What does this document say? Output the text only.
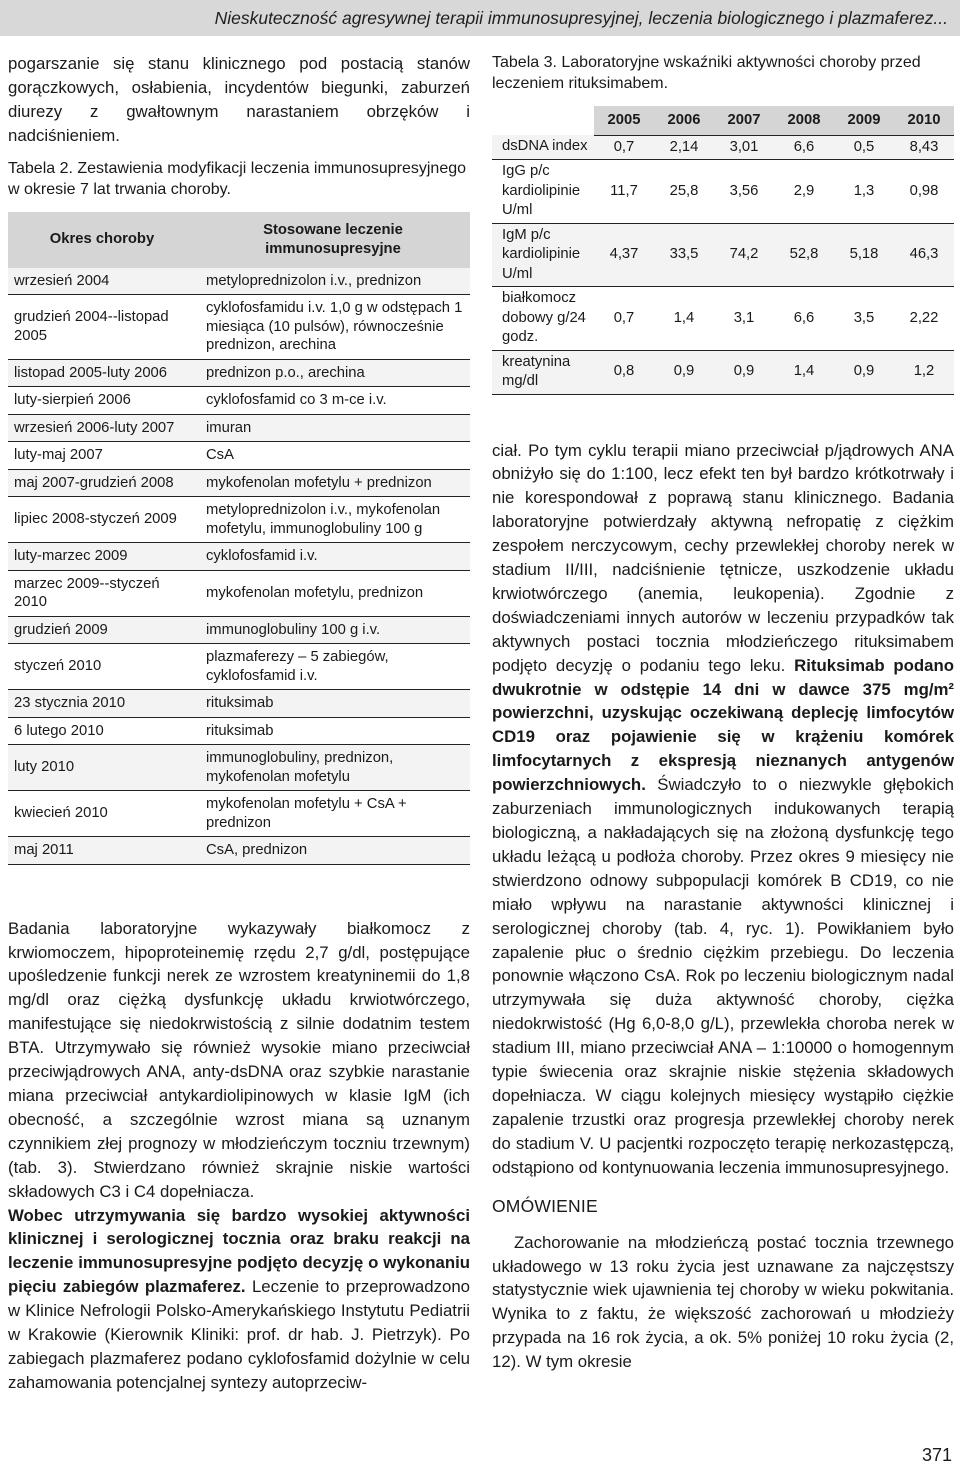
Nieskuteczność agresywnej terapii immunosupresyjnej, leczenia biologicznego i plazmaferez...

pogarszanie się stanu klinicznego pod postacią stanów gorączkowych, osłabienia, incydentów biegunki, zaburzeń diurezy z gwałtownym narastaniem obrzęków i nadciśnieniem.

Tabela 2. Zestawienia modyfikacji leczenia immunosupresyjnego w okresie 7 lat trwania choroby.

Okres choroby	Stosowane leczenie immunosupresyjne
wrzesień 2004	metyloprednizolon i.v., prednizon
grudzień 2004--listopad 2005	cyklofosfamidu i.v. 1,0 g w odstępach 1 miesiąca (10 pulsów), równocześnie prednizon, arechina
listopad 2005-luty 2006	prednizon p.o., arechina
luty-sierpień 2006	cyklofosfamid co 3 m-ce i.v.
wrzesień 2006-luty 2007	imuran
luty-maj 2007	CsA
maj 2007-grudzień 2008	mykofenolan mofetylu + prednizon
lipiec 2008-styczeń 2009	metyloprednizolon i.v., mykofenolan mofetylu, immunoglobuliny 100 g
luty-marzec 2009	cyklofosfamid i.v.
marzec 2009--styczeń 2010	mykofenolan mofetylu, prednizon
grudzień 2009	immunoglobuliny 100 g i.v.
styczeń 2010	plazmaferezy – 5 zabiegów, cyklofosfamid i.v.
23 stycznia 2010	rituksimab
6 lutego 2010	rituksimab
luty 2010	immunoglobuliny, prednizon, mykofenolan mofetylu
kwiecień 2010	mykofenolan mofetylu + CsA + prednizon
maj 2011	CsA, prednizon

Badania laboratoryjne wykazywały białkomocz z krwiomoczem, hipoproteinemię rzędu 2,7 g/dl, postępujące upośledzenie funkcji nerek ze wzrostem kreatyninemii do 1,8 mg/dl oraz ciężką dysfunkcję układu krwiotwórczego, manifestujące się niedokrwistością z silnie dodatnim testem BTA. Utrzymywało się również wysokie miano przeciwciał przeciwjądrowych ANA, anty-dsDNA oraz szybkie narastanie miana przeciwciał antykardiolipinowych w klasie IgM (ich obecność, a szczególnie wzrost miana są uznanym czynnikiem złej prognozy w młodzieńczym toczniu trzewnym) (tab. 3). Stwierdzano również skrajnie niskie wartości składowych C3 i C4 dopełniacza.

Wobec utrzymywania się bardzo wysokiej aktywności klinicznej i serologicznej tocznia oraz braku reakcji na leczenie immunosupresyjne podjęto decyzję o wykonaniu pięciu zabiegów plazmaferez. Leczenie to przeprowadzono w Klinice Nefrologii Polsko-Amerykańskiego Instytutu Pediatrii w Krakowie (Kierownik Kliniki: prof. dr hab. J. Pietrzyk). Po zabiegach plazmaferez podano cyklofosfamid dożylnie w celu zahamowania potencjalnej syntezy autoprzeciw-

Tabela 3. Laboratoryjne wskaźniki aktywności choroby przed leczeniem rituksimabem.

	2005	2006	2007	2008	2009	2010
dsDNA index	0,7	2,14	3,01	6,6	0,5	8,43
IgG p/c kardiolipinie U/ml	11,7	25,8	3,56	2,9	1,3	0,98
IgM p/c kardiolipinie U/ml	4,37	33,5	74,2	52,8	5,18	46,3
białkomocz dobowy g/24 godz.	0,7	1,4	3,1	6,6	3,5	2,22
kreatynina mg/dl	0,8	0,9	0,9	1,4	0,9	1,2

ciał. Po tym cyklu terapii miano przeciwciał p/jądrowych ANA obniżyło się do 1:100, lecz efekt ten był bardzo krótkotrwały i nie korespondował z poprawą stanu klinicznego. Badania laboratoryjne potwierdzały aktywną nefropatię z ciężkim zespołem nerczycowym, cechy przewlekłej choroby nerek w stadium II/III, nadciśnienie tętnicze, uszkodzenie układu krwiotwórczego (anemia, leukopenia). Zgodnie z doświadczeniami innych autorów w leczeniu przypadków tak aktywnych postaci tocznia młodzieńczego rituksimabem podjęto decyzję o podaniu tego leku. Rituksimab podano dwukrotnie w odstępie 14 dni w dawce 375 mg/m² powierzchni, uzyskując oczekiwaną deplecję limfocytów CD19 oraz pojawienie się w krążeniu komórek limfocytarnych z ekspresją nieznanych antygenów powierzchniowych. Świadczyło to o niezwykle głębokich zaburzeniach immunologicznych indukowanych terapią biologiczną, a nakładających się na złożoną dysfunkcję tego układu leżącą u podłoża choroby. Przez okres 9 miesięcy nie stwierdzono odnowy subpopulacji komórek B CD19, co nie miało wpływu na narastanie aktywności klinicznej i serologicznej choroby (tab. 4, ryc. 1). Powikłaniem było zapalenie płuc o średnio ciężkim przebiegu. Do leczenia ponownie włączono CsA. Rok po leczeniu biologicznym nadal utrzymywała się duża aktywność choroby, ciężka niedokrwistość (Hg 6,0-8,0 g/L), przewlekła choroba nerek w stadium III, miano przeciwciał ANA – 1:10000 o homogennym typie świecenia oraz skrajnie niskie stężenia składowych dopełniacza. W ciągu kolejnych miesięcy wystąpiło ciężkie zapalenie trzustki oraz progresja przewlekłej choroby nerek do stadium V. U pacjentki rozpoczęto terapię nerkozastępczą, odstąpiono od kontynuowania leczenia immunosupresyjnego.

OMÓWIENIE

Zachorowanie na młodzieńczą postać tocznia trzewnego układowego w 13 roku życia jest uznawane za najczęstszy statystycznie wiek ujawnienia tej choroby w wieku pokwitania. Wynika to z faktu, że większość zachorowań u młodzieży przypada na 16 rok życia, a ok. 5% poniżej 10 roku życia (2, 12). W tym okresie

371
